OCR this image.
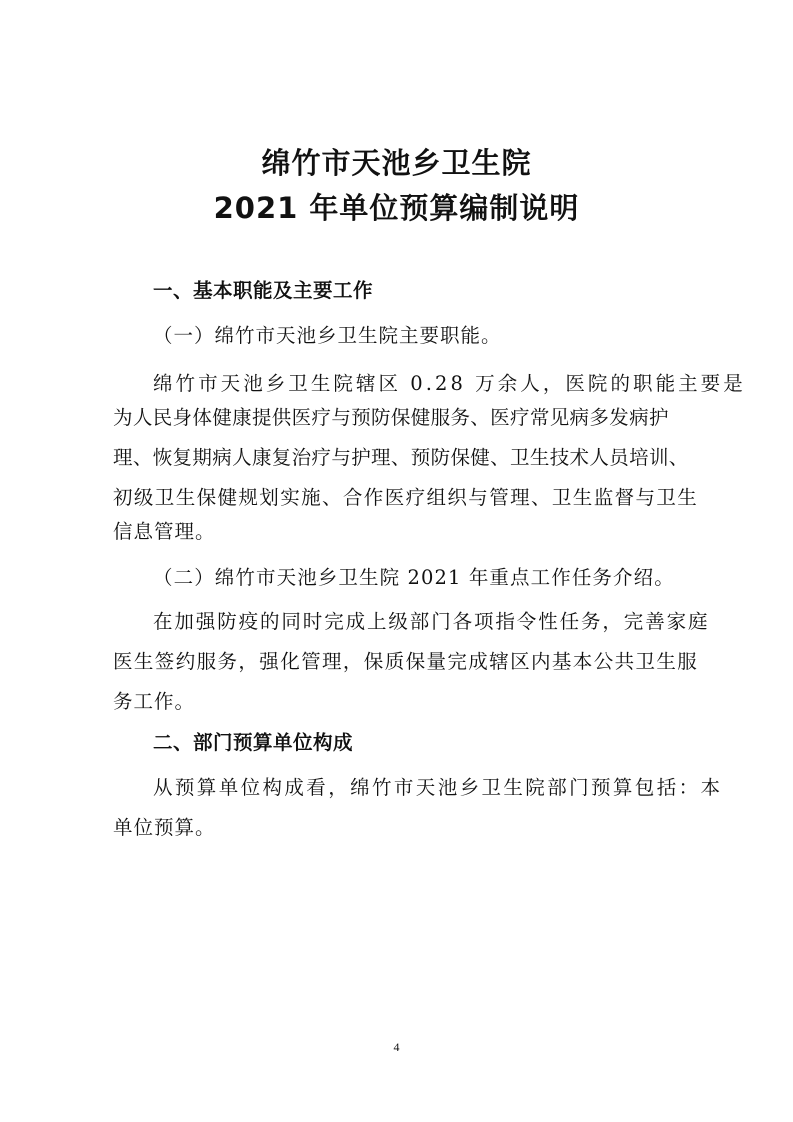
绵竹市天池乡卫生院
2021 年单位预算编制说明
一、基本职能及主要工作
（一）绵竹市天池乡卫生院主要职能。
绵竹市天池乡卫生院辖区 0.28 万余人，医院的职能主要是
为人民身体健康提供医疗与预防保健服务、医疗常见病多发病护
理、恢复期病人康复治疗与护理、预防保健、卫生技术人员培训、
初级卫生保健规划实施、合作医疗组织与管理、卫生监督与卫生
信息管理。
（二）绵竹市天池乡卫生院 2021 年重点工作任务介绍。
在加强防疫的同时完成上级部门各项指令性任务，完善家庭
医生签约服务，强化管理，保质保量完成辖区内基本公共卫生服
务工作。
二、部门预算单位构成
从预算单位构成看，绵竹市天池乡卫生院部门预算包括：本
单位预算。
4
